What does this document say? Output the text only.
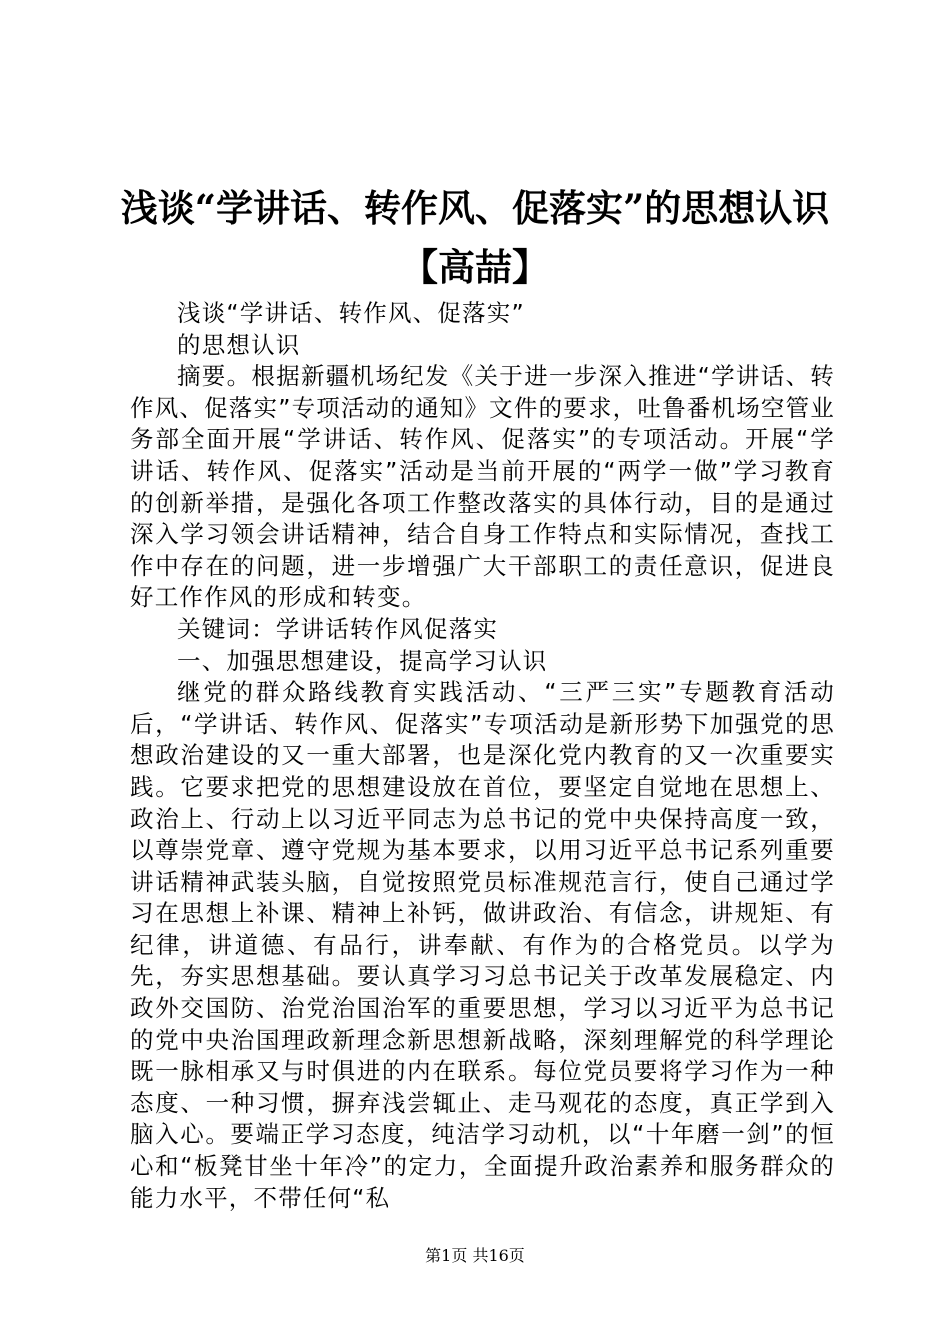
浅谈“学讲话、转作风、促落实”的思想认识
【高喆】

浅谈“学讲话、转作风、促落实”

的思想认识

摘要。根据新疆机场纪发《关于进一步深入推进“学讲话、转作风、促落实”专项活动的通知》文件的要求，吐鲁番机场空管业务部全面开展“学讲话、转作风、促落实”的专项活动。开展“学讲话、转作风、促落实”活动是当前开展的“两学一做”学习教育的创新举措，是强化各项工作整改落实的具体行动，目的是通过深入学习领会讲话精神，结合自身工作特点和实际情况，查找工作中存在的问题，进一步增强广大干部职工的责任意识，促进良好工作作风的形成和转变。

关键词：学讲话转作风促落实

一、加强思想建设，提高学习认识

继党的群众路线教育实践活动、“三严三实”专题教育活动后，“学讲话、转作风、促落实”专项活动是新形势下加强党的思想政治建设的又一重大部署，也是深化党内教育的又一次重要实践。它要求把党的思想建设放在首位，要坚定自觉地在思想上、政治上、行动上以习近平同志为总书记的党中央保持高度一致，以尊崇党章、遵守党规为基本要求，以用习近平总书记系列重要讲话精神武装头脑，自觉按照党员标准规范言行，使自己通过学习在思想上补课、精神上补钙，做讲政治、有信念，讲规矩、有纪律，讲道德、有品行，讲奉献、有作为的合格党员。以学为先，夯实思想基础。要认真学习习总书记关于改革发展稳定、内政外交国防、治党治国治军的重要思想，学习以习近平为总书记的党中央治国理政新理念新思想新战略，深刻理解党的科学理论既一脉相承又与时俱进的内在联系。每位党员要将学习作为一种态度、一种习惯，摒弃浅尝辄止、走马观花的态度，真正学到入脑入心。要端正学习态度，纯洁学习动机，以“十年磨一剑”的恒心和“板凳甘坐十年冷”的定力，全面提升政治素养和服务群众的能力水平，不带任何“私

第1页 共16页
